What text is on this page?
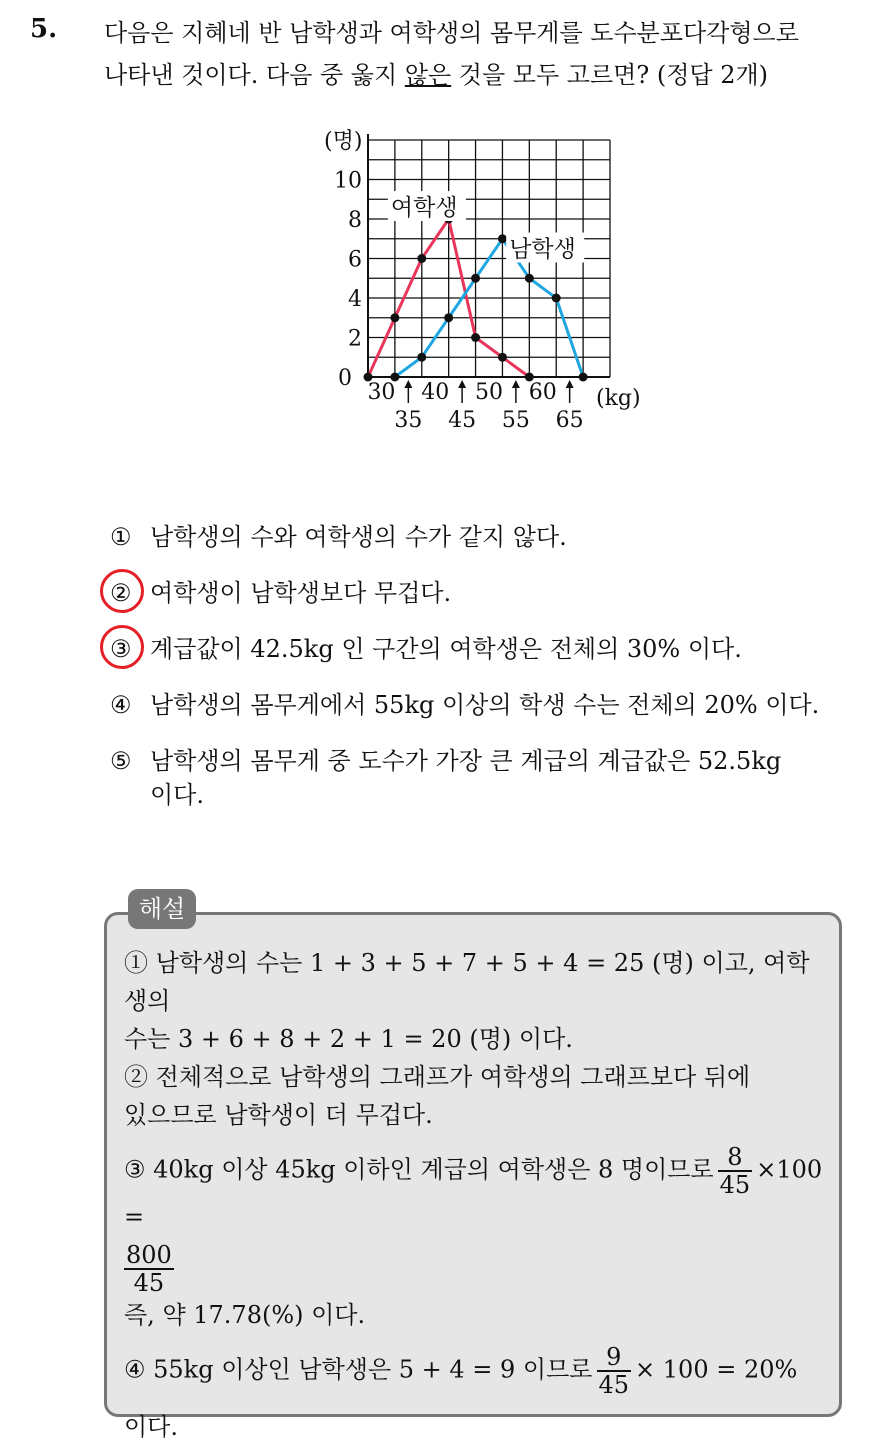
5. 다음은 지혜네 반 남학생과 여학생의 몸무게를 도수분포다각형으로
나타낸 것이다. 다음 중 옳지 않은 것을 모두 고르면? (정답 2개)
여학생
남학생
0
2
4
6
8
10
(명)
30 40 50 60
35 45 55 65
(kg)
① 남학생의 수와 여학생의 수가 같지 않다.
② 여학생이 남학생보다 무겁다.
③ 계급값이 42.5kg 인 구간의 여학생은 전체의 30% 이다.
④ 남학생의 몸무게에서 55kg 이상의 학생 수는 전체의 20% 이다.
⑤ 남학생의 몸무게 중 도수가 가장 큰 계급의 계급값은 52.5kg
이다.
해설
① 남학생의 수는 1 + 3 + 5 + 7 + 5 + 4 = 25 (명) 이고, 여학생의
수는 3 + 6 + 8 + 2 + 1 = 20 (명) 이다.
② 전체적으로 남학생의 그래프가 여학생의 그래프보다 뒤에
있으므로 남학생이 더 무겁다.
③ 40kg 이상 45kg 이하인 계급의 여학생은 8 명이므로 $\frac{8}{45} \times 100$ =
$\frac{800}{45}$
즉, 약 17.78(%) 이다.
④ 55kg 이상인 남학생은 5 + 4 = 9 이므로 $\frac{9}{45} \times 100 = 20\%$
이다.
